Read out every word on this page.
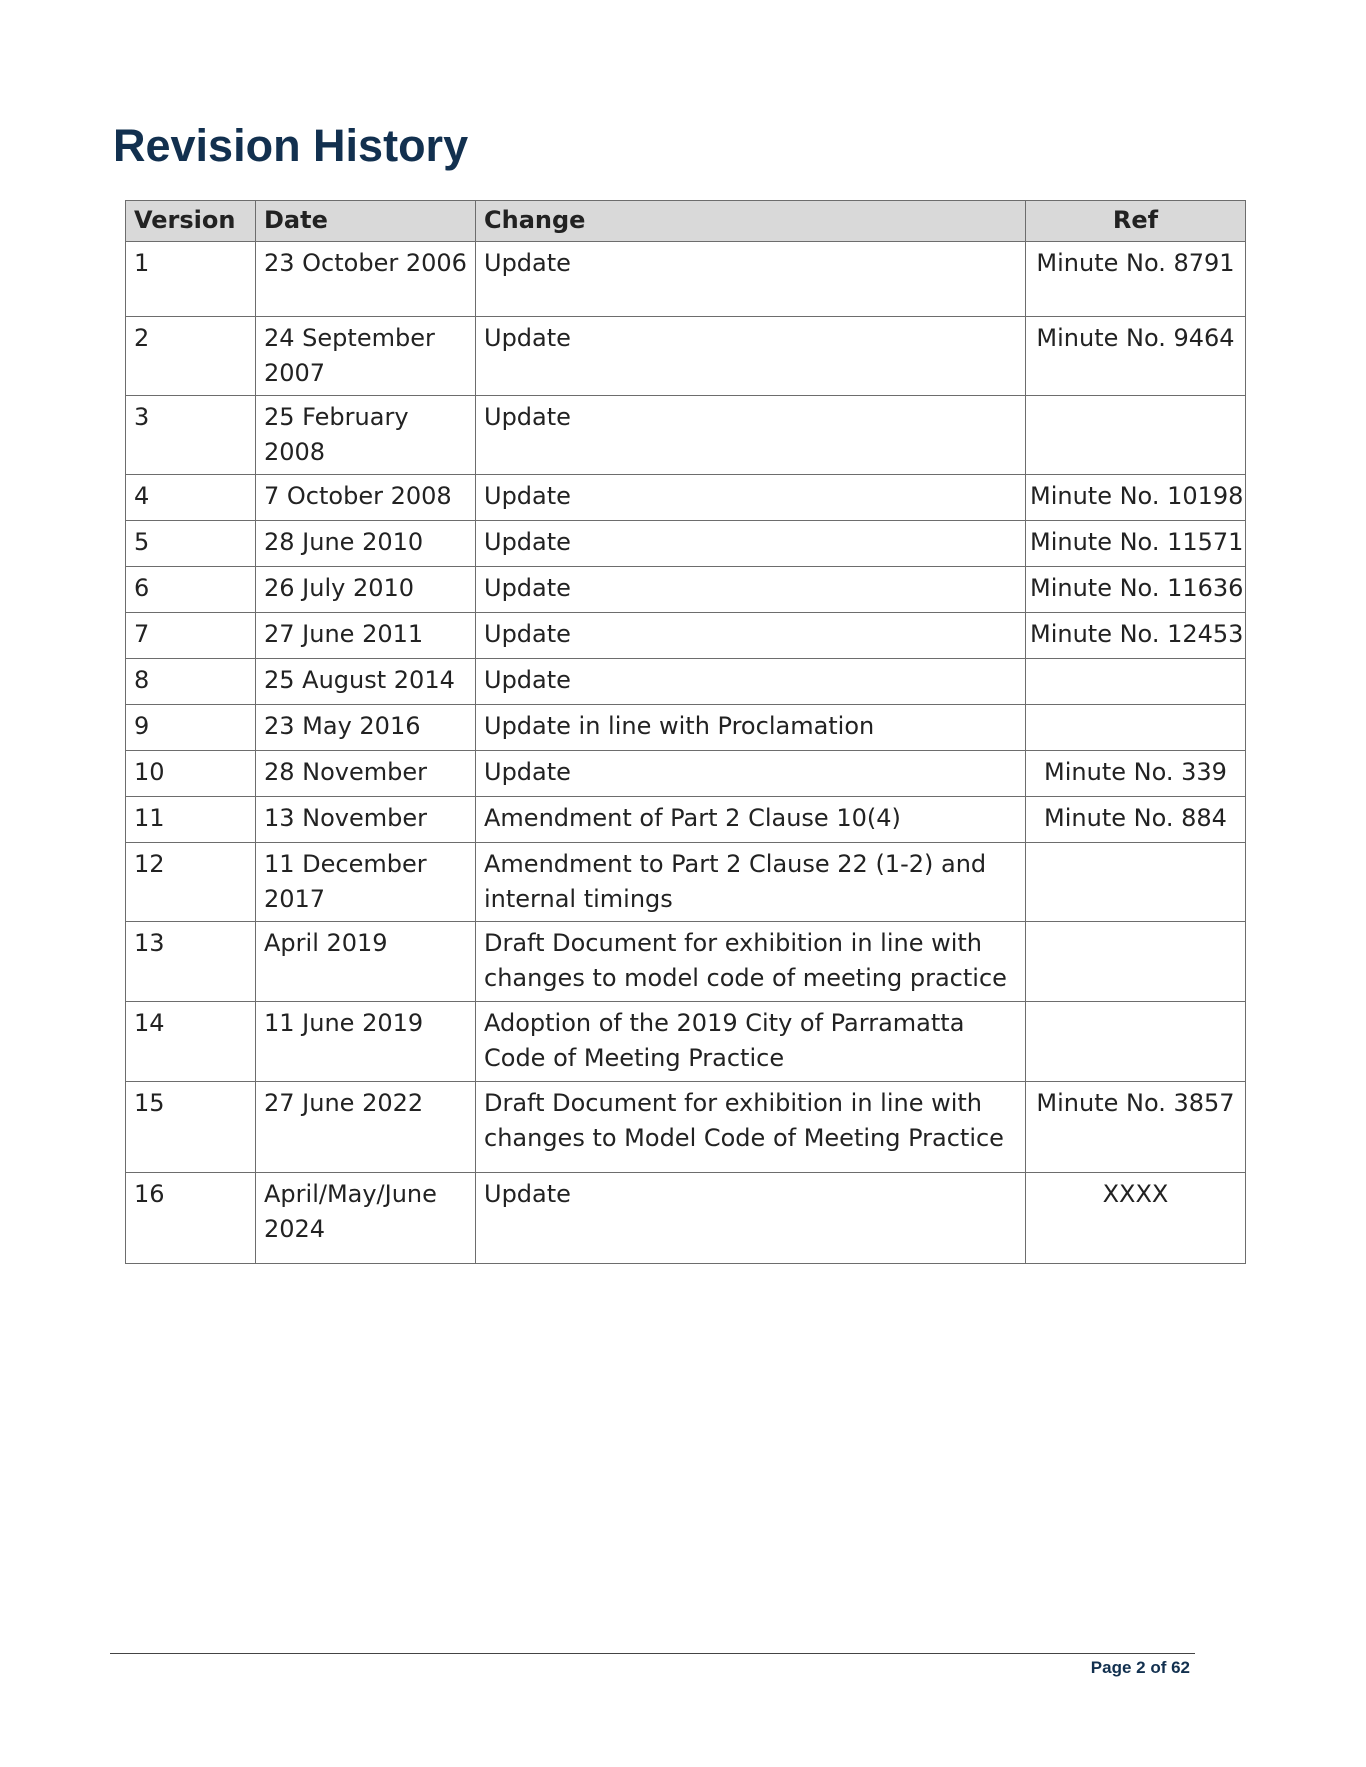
Revision History
Version	Date	Change	Ref
1	23 October 2006	Update	Minute No. 8791
2	24 September 2007	Update	Minute No. 9464
3	25 February 2008	Update	
4	7 October 2008	Update	Minute No. 10198
5	28 June 2010	Update	Minute No. 11571
6	26 July 2010	Update	Minute No. 11636
7	27 June 2011	Update	Minute No. 12453
8	25 August 2014	Update	
9	23 May 2016	Update in line with Proclamation	
10	28 November	Update	Minute No. 339
11	13 November	Amendment of Part 2 Clause 10(4)	Minute No. 884
12	11 December 2017	Amendment to Part 2 Clause 22 (1-2) and internal timings	
13	April 2019	Draft Document for exhibition in line with changes to model code of meeting practice	
14	11 June 2019	Adoption of the 2019 City of Parramatta Code of Meeting Practice	
15	27 June 2022	Draft Document for exhibition in line with changes to Model Code of Meeting Practice	Minute No. 3857
16	April/May/June 2024	Update	XXXX
Page 2 of 62
